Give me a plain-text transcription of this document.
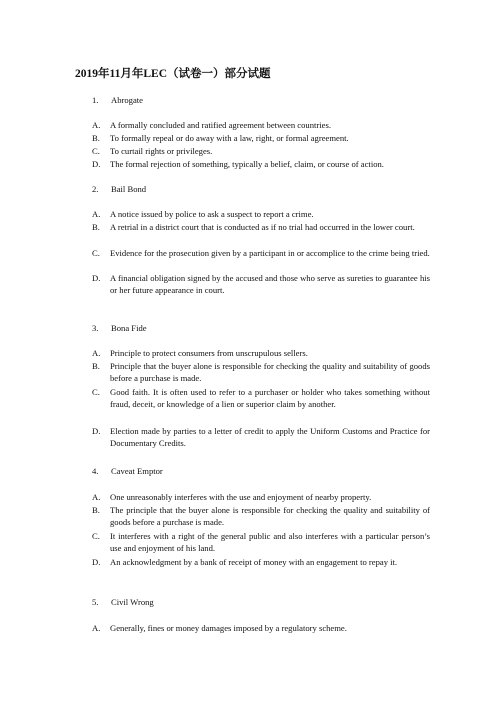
2019年11月年LEC（试卷一）部分试题
1. Abrogate
A. A formally concluded and ratified agreement between countries.
B. To formally repeal or do away with a law, right, or formal agreement.
C. To curtail rights or privileges.
D. The formal rejection of something, typically a belief, claim, or course of action.
2. Bail Bond
A. A notice issued by police to ask a suspect to report a crime.
B. A retrial in a district court that is conducted as if no trial had occurred in the lower court.
C. Evidence for the prosecution given by a participant in or accomplice to the crime being tried.
D. A financial obligation signed by the accused and those who serve as sureties to guarantee his or her future appearance in court.
3. Bona Fide
A. Principle to protect consumers from unscrupulous sellers.
B. Principle that the buyer alone is responsible for checking the quality and suitability of goods before a purchase is made.
C. Good faith. It is often used to refer to a purchaser or holder who takes something without fraud, deceit, or knowledge of a lien or superior claim by another.
D. Election made by parties to a letter of credit to apply the Uniform Customs and Practice for Documentary Credits.
4. Caveat Emptor
A. One unreasonably interferes with the use and enjoyment of nearby property.
B. The principle that the buyer alone is responsible for checking the quality and suitability of goods before a purchase is made.
C. It interferes with a right of the general public and also interferes with a particular person’s use and enjoyment of his land.
D. An acknowledgment by a bank of receipt of money with an engagement to repay it.
5. Civil Wrong
A. Generally, fines or money damages imposed by a regulatory scheme.
